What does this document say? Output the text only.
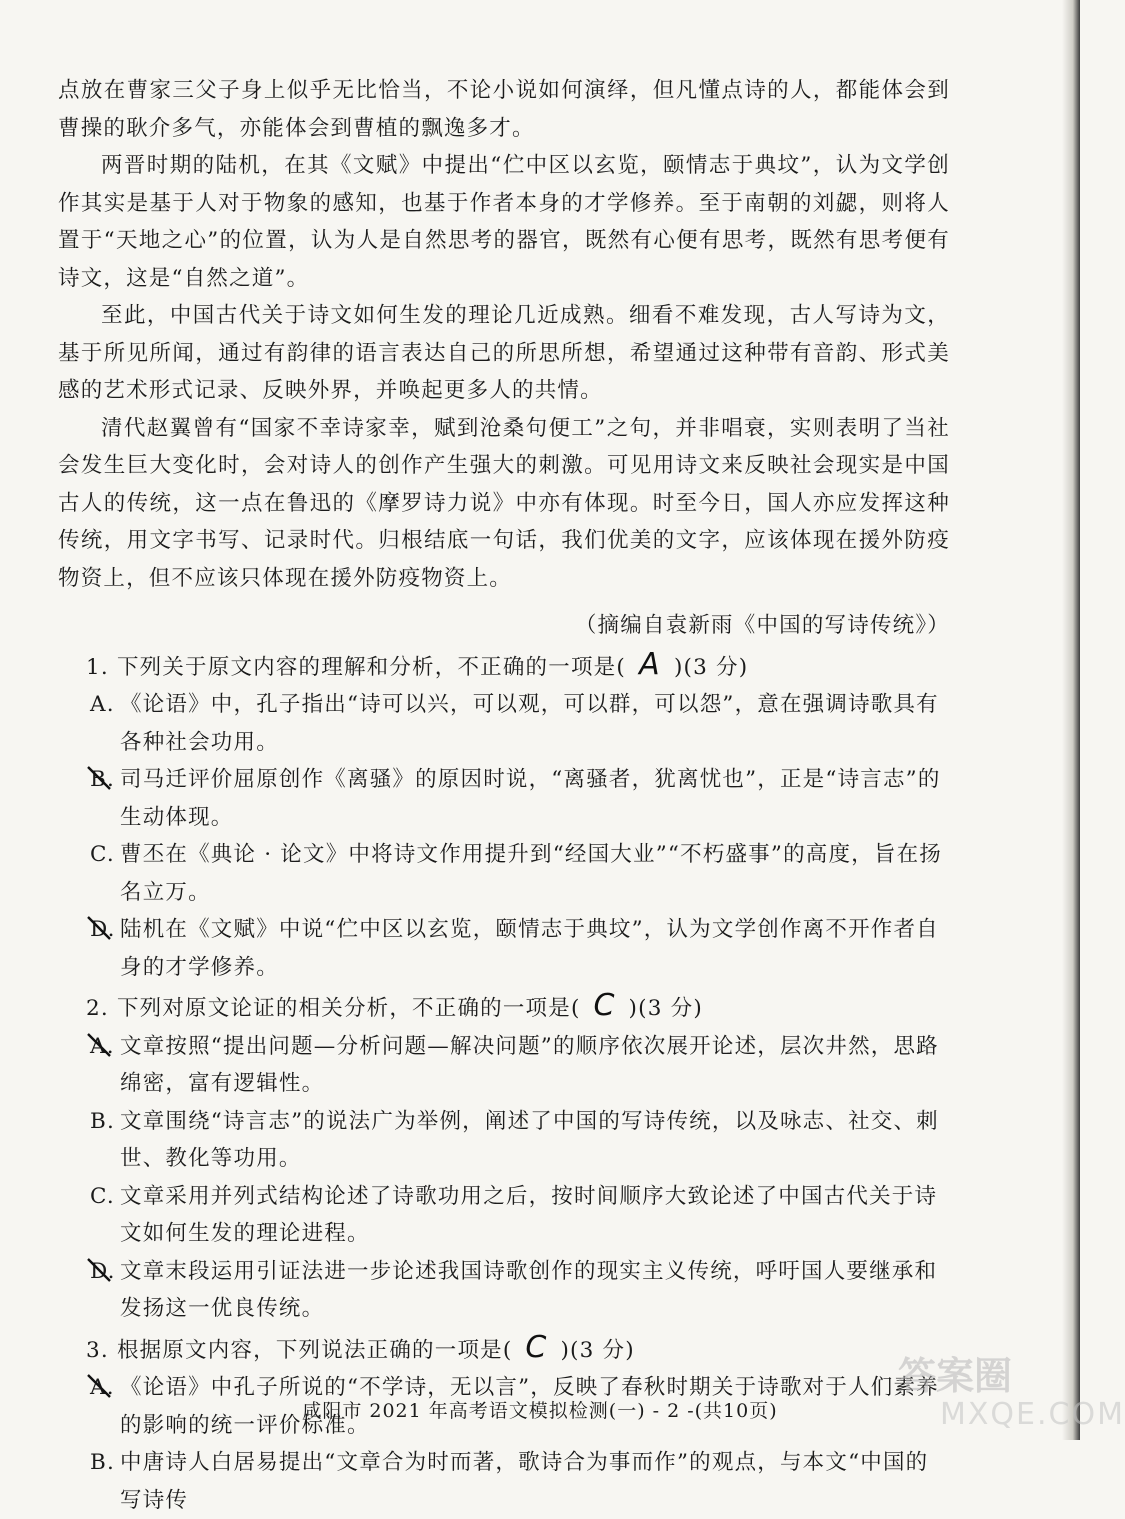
点放在曹家三父子身上似乎无比恰当，不论小说如何演绎，但凡懂点诗的人，都能体会到曹操的耿介多气，亦能体会到曹植的飘逸多才。

两晋时期的陆机，在其《文赋》中提出“伫中区以玄览，颐情志于典坟”，认为文学创作其实是基于人对于物象的感知，也基于作者本身的才学修养。至于南朝的刘勰，则将人置于“天地之心”的位置，认为人是自然思考的器官，既然有心便有思考，既然有思考便有诗文，这是“自然之道”。

至此，中国古代关于诗文如何生发的理论几近成熟。细看不难发现，古人写诗为文，基于所见所闻，通过有韵律的语言表达自己的所思所想，希望通过这种带有音韵、形式美感的艺术形式记录、反映外界，并唤起更多人的共情。

清代赵翼曾有“国家不幸诗家幸，赋到沧桑句便工”之句，并非唱衰，实则表明了当社会发生巨大变化时，会对诗人的创作产生强大的刺激。可见用诗文来反映社会现实是中国古人的传统，这一点在鲁迅的《摩罗诗力说》中亦有体现。时至今日，国人亦应发挥这种传统，用文字书写、记录时代。归根结底一句话，我们优美的文字，应该体现在援外防疫物资上，但不应该只体现在援外防疫物资上。

（摘编自袁新雨《中国的写诗传统》）

1. 下列关于原文内容的理解和分析，不正确的一项是( A )(3 分)

A. 《论语》中，孔子指出“诗可以兴，可以观，可以群，可以怨”，意在强调诗歌具有各种社会功用。
B. 司马迁评价屈原创作《离骚》的原因时说，“离骚者，犹离忧也”，正是“诗言志”的生动体现。
C. 曹丕在《典论 · 论文》中将诗文作用提升到“经国大业”“不朽盛事”的高度，旨在扬名立万。
D. 陆机在《文赋》中说“伫中区以玄览，颐情志于典坟”，认为文学创作离不开作者自身的才学修养。

2. 下列对原文论证的相关分析，不正确的一项是( C )(3 分)

A. 文章按照“提出问题—分析问题—解决问题”的顺序依次展开论述，层次井然，思路绵密，富有逻辑性。
B. 文章围绕“诗言志”的说法广为举例，阐述了中国的写诗传统，以及咏志、社交、刺世、教化等功用。
C. 文章采用并列式结构论述了诗歌功用之后，按时间顺序大致论述了中国古代关于诗文如何生发的理论进程。
D. 文章末段运用引证法进一步论述我国诗歌创作的现实主义传统，呼吁国人要继承和发扬这一优良传统。

3. 根据原文内容，下列说法正确的一项是( C )(3 分)

A. 《论语》中孔子所说的“不学诗，无以言”，反映了春秋时期关于诗歌对于人们素养的影响的统一评价标准。
B. 中唐诗人白居易提出“文章合为时而著，歌诗合为事而作”的观点，与本文“中国的写诗传
咸阳市 2021 年高考语文模拟检测(一) - 2 -(共10页)
答案圈
MXQE.COM
